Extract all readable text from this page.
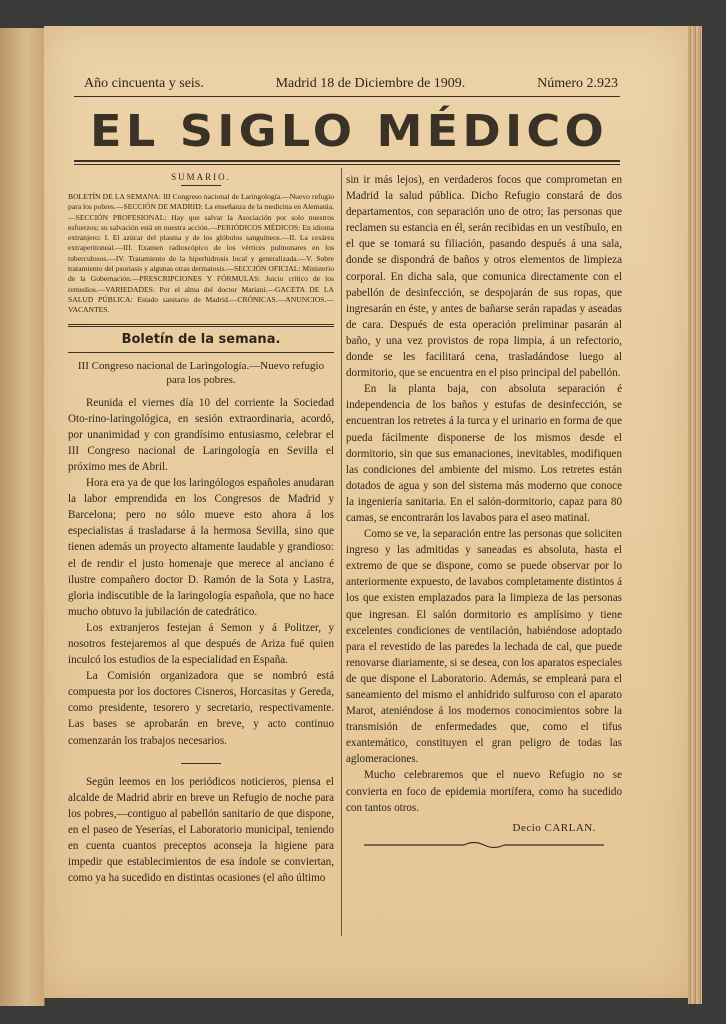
Año cincuenta y seis.	Madrid 18 de Diciembre de 1909.	Número 2.923
EL SIGLO MÉDICO
SUMARIO.
BOLETÍN DE LA SEMANA: III Congreso nacional de Laringología.—Nuevo refugio para los pobres.—SECCIÓN DE MADRID: La enseñanza de la medicina en Alemania.—SECCIÓN PROFESIONAL: Hay que salvar la Asociación por solo nuestros esfuerzos; su salvación está en nuestra acción.—PERIÓDICOS MÉDICOS: En idioma extranjero: I. El azúcar del plasma y de los glóbulos sanguíneos.—II. La cesárea extraperitoneal.—III. Examen radioscópico de los vértices pulmonares en los tuberculosos.—IV. Tratamiento de la hiperhidrosis local y generalizada.—V. Sobre tratamiento del psoriasis y algunas otras dermatosis.—SECCIÓN OFICIAL: Ministerio de la Gobernación.—PRESCRIPCIONES Y FÓRMULAS: Juicio crítico de los remedios.—VARIEDADES: Por el alma del doctor Mariani.—GACETA DE LA SALUD PÚBLICA: Estado sanitario de Madrid.—CRÓNICAS.—ANUNCIOS.—VACANTES.
Boletín de la semana.
III Congreso nacional de Laringología.—Nuevo refugio para los pobres.

Reunida el viernes día 10 del corriente la Sociedad Oto-rino-laringológica, en sesión extraordinaria, acordó, por unanimidad y con grandísimo entusiasmo, celebrar el III Congreso nacional de Laringología en Sevilla el próximo mes de Abril.

Hora era ya de que los laringólogos españoles anudaran la labor emprendida en los Congresos de Madrid y Barcelona; pero no sólo mueve esto ahora á los especialistas á trasladarse á la hermosa Sevilla, sino que tienen además un proyecto altamente laudable y grandioso: el de rendir el justo homenaje que merece al anciano é ilustre compañero doctor D. Ramón de la Sota y Lastra, gloria indiscutible de la laringología española, que no hace mucho obtuvo la jubilación de catedrático.

Los extranjeros festejan á Semon y á Politzer, y nosotros festejaremos al que después de Ariza fué quien inculcó los estudios de la especialidad en España.

La Comisión organizadora que se nombró está compuesta por los doctores Cisneros, Horcasitas y Gereda, como presidente, tesorero y secretario, respectivamente. Las bases se aprobarán en breve, y acto continuo comenzarán los trabajos necesarios.

Según leemos en los periódicos noticieros, piensa el alcalde de Madrid abrir en breve un Refugio de noche para los pobres,—contiguo al pabellón sanitario de que dispone, en el paseo de Yeserías, el Laboratorio municipal, teniendo en cuenta cuantos preceptos aconseja la higiene para impedir que establecimientos de esa índole se conviertan, como ya ha sucedido en distintas ocasiones (el año último

sin ir más lejos), en verdaderos focos que comprometan en Madrid la salud pública. Dicho Refugio constará de dos departamentos, con separación uno de otro; las personas que reclamen su estancia en él, serán recibidas en un vestíbulo, en el que se tomará su filiación, pasando después á una sala, donde se dispondrá de baños y otros elementos de limpieza corporal. En dicha sala, que comunica directamente con el pabellón de desinfección, se despojarán de sus ropas, que ingresarán en éste, y antes de bañarse serán rapadas y aseadas de cara. Después de esta operación preliminar pasarán al baño, y una vez provistos de ropa limpia, á un refectorio, donde se les facilitará cena, trasladándose luego al dormitorio, que se encuentra en el piso principal del pabellón.

En la planta baja, con absoluta separación é independencia de los baños y estufas de desinfección, se encuentran los retretes á la turca y el urinario en forma de que pueda fácilmente disponerse de los mismos desde el dormitorio, sin que sus emanaciones, inevitables, modifiquen las condiciones del ambiente del mismo. Los retretes están dotados de agua y son del sistema más moderno que conoce la ingeniería sanitaria. En el salón-dormitorio, capaz para 80 camas, se encontrarán los lavabos para el aseo matinal.

Como se ve, la separación entre las personas que soliciten ingreso y las admitidas y saneadas es absoluta, hasta el extremo de que se dispone, como se puede observar por lo anteriormente expuesto, de lavabos completamente distintos á los que existen emplazados para la limpieza de las personas que ingresan. El salón dormitorio es amplísimo y tiene excelentes condiciones de ventilación, habiéndose adoptado para el revestido de las paredes la lechada de cal, que puede renovarse diariamente, si se desea, con los aparatos especiales de que dispone el Laboratorio. Además, se empleará para el saneamiento del mismo el anhídrido sulfuroso con el aparato Marot, ateniéndose á los modernos conocimientos sobre la transmisión de enfermedades que, como el tifus exantemático, constituyen el gran peligro de todas las aglomeraciones.

Mucho celebraremos que el nuevo Refugio no se convierta en foco de epidemia mortífera, como ha sucedido con tantos otros.

Decio CARLAN.
